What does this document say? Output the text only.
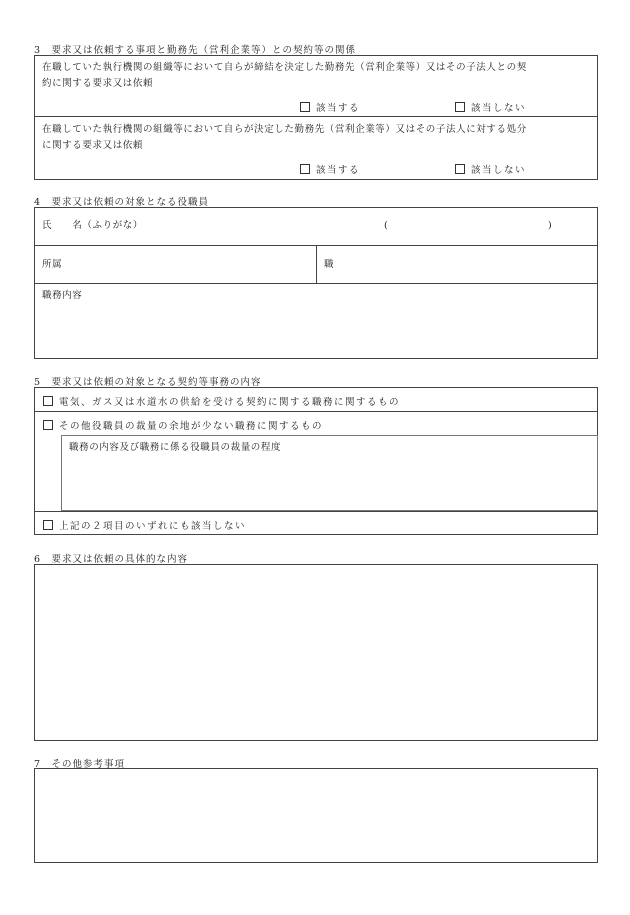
3　要求又は依頼する事項と勤務先（営利企業等）との契約等の関係
在職していた執行機関の組織等において自らが締結を決定した勤務先（営利企業等）又はその子法人との契
約に関する要求又は依頼
該当する	該当しない
在職していた執行機関の組織等において自らが決定した勤務先（営利企業等）又はその子法人に対する処分
に関する要求又は依頼
該当する	該当しない
4　要求又は依頼の対象となる役職員
氏　　名（ふりがな）	(	)
所属	職
職務内容
5　要求又は依頼の対象となる契約等事務の内容
電気、ガス又は水道水の供給を受ける契約に関する職務に関するもの
その他役職員の裁量の余地が少ない職務に関するもの
職務の内容及び職務に係る役職員の裁量の程度
上記の２項目のいずれにも該当しない
6　要求又は依頼の具体的な内容
7　その他参考事項
